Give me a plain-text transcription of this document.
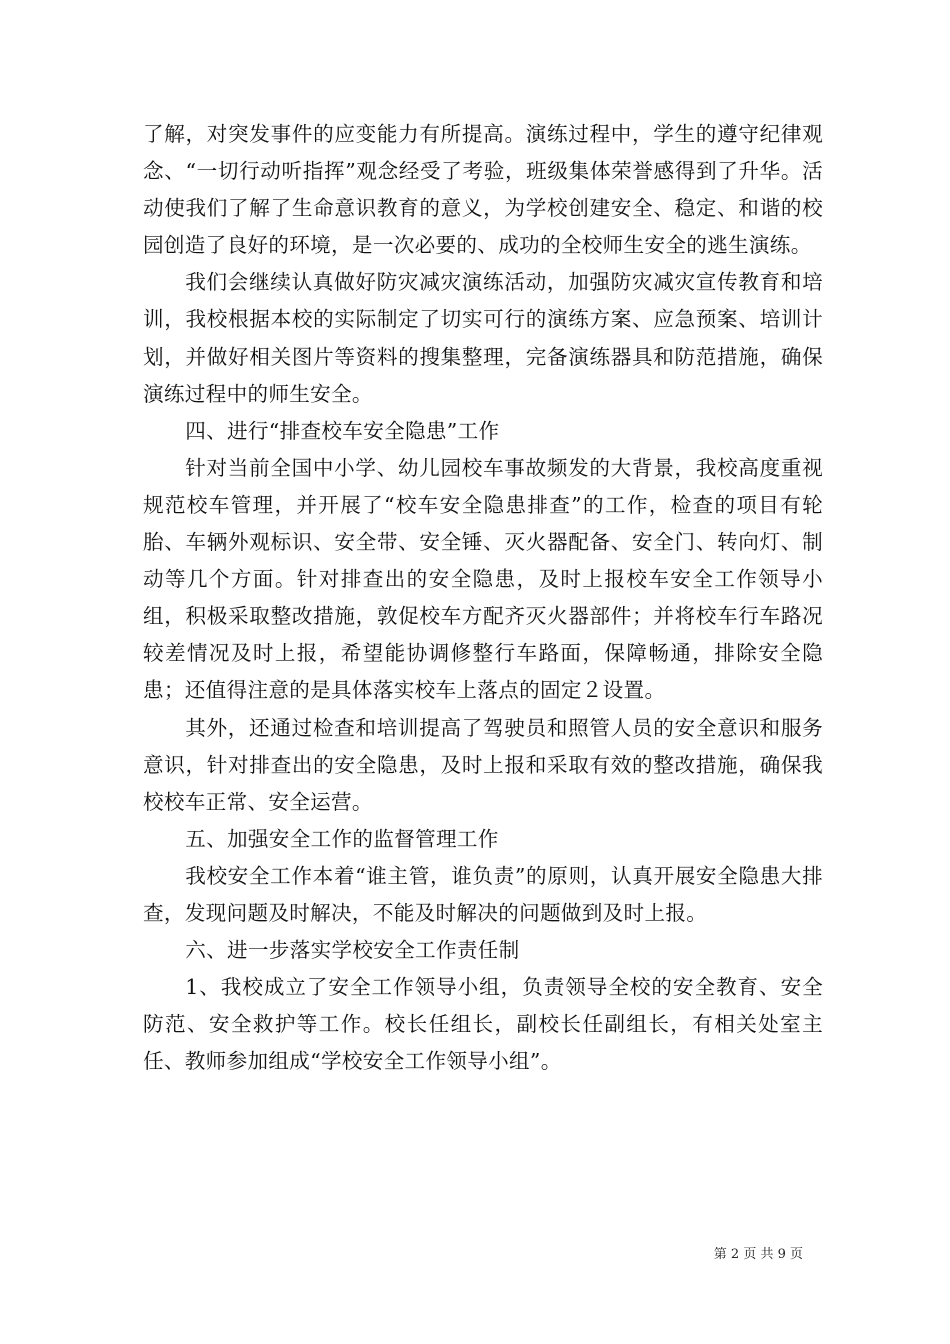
了解，对突发事件的应变能力有所提高。演练过程中，学生的遵守纪律观念、“一切行动听指挥”观念经受了考验，班级集体荣誉感得到了升华。活动使我们了解了生命意识教育的意义，为学校创建安全、稳定、和谐的校园创造了良好的环境，是一次必要的、成功的全校师生安全的逃生演练。

我们会继续认真做好防灾减灾演练活动，加强防灾减灾宣传教育和培训，我校根据本校的实际制定了切实可行的演练方案、应急预案、培训计划，并做好相关图片等资料的搜集整理，完备演练器具和防范措施，确保演练过程中的师生安全。

四、进行“排查校车安全隐患”工作

针对当前全国中小学、幼儿园校车事故频发的大背景，我校高度重视规范校车管理，并开展了“校车安全隐患排查”的工作，检查的项目有轮胎、车辆外观标识、安全带、安全锤、灭火器配备、安全门、转向灯、制动等几个方面。针对排查出的安全隐患，及时上报校车安全工作领导小组，积极采取整改措施，敦促校车方配齐灭火器部件；并将校车行车路况较差情况及时上报，希望能协调修整行车路面，保障畅通，排除安全隐患；还值得注意的是具体落实校车上落点的固定２设置。

其外，还通过检查和培训提高了驾驶员和照管人员的安全意识和服务意识，针对排查出的安全隐患，及时上报和采取有效的整改措施，确保我校校车正常、安全运营。

五、加强安全工作的监督管理工作

我校安全工作本着“谁主管，谁负责”的原则，认真开展安全隐患大排查，发现问题及时解决，不能及时解决的问题做到及时上报。

六、进一步落实学校安全工作责任制

1、我校成立了安全工作领导小组，负责领导全校的安全教育、安全防范、安全救护等工作。校长任组长，副校长任副组长，有相关处室主任、教师参加组成“学校安全工作领导小组”。

第 2 页 共 9 页
